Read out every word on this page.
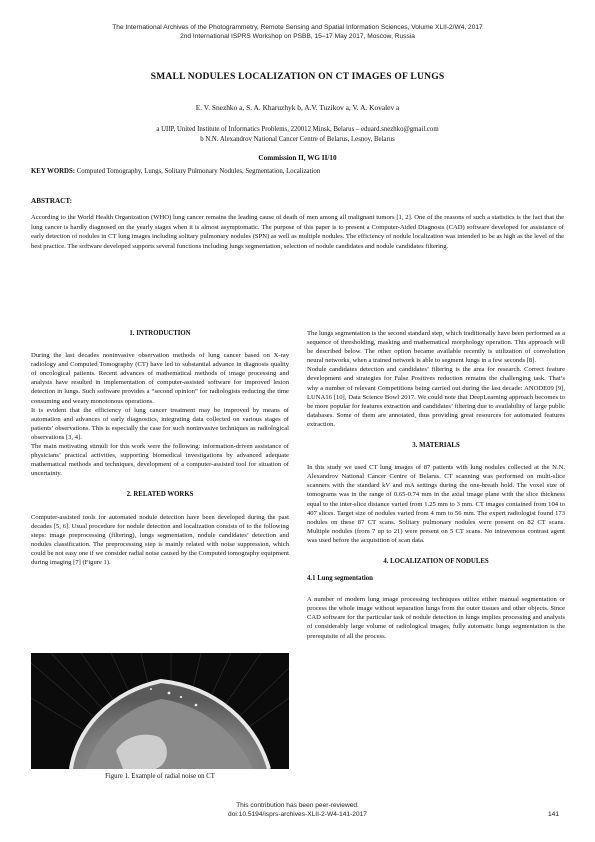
The International Archives of the Photogrammetry, Remote Sensing and Spatial Information Sciences, Volume XLII-2/W4, 2017
2nd International ISPRS Workshop on PSBB, 15–17 May 2017, Moscow, Russia
SMALL NODULES LOCALIZATION ON CT IMAGES OF LUNGS
E. V. Snezhko a, S. A. Kharuzhyk b, A.V. Tuzikov a, V. A. Kovalev a
a UIIP, United Institute of Informatics Problems, 220012 Minsk, Belarus – eduard.snezhko@gmail.com
b N.N. Alexandrov National Cancer Centre of Belarus, Lesnoy, Belarus
Commission II, WG II/10
KEY WORDS: Computed Tomography, Lungs, Solitary Pulmonary Nodules, Segmentation, Localization
ABSTRACT:
According to the World Health Organization (WHO) lung cancer remains the leading cause of death of men among all malignant tumors [1, 2]. One of the reasons of such a statistics is the fact that the lung cancer is hardly diagnosed on the yearly stages when it is almost asymptomatic. The purpose of this paper is to present a Computer-Aided Diagnosis (CAD) software developed for assistance of early detection of nodules in CT lung images including solitary pulmonary nodules (SPN) as well as multiple nodules. The efficiency of nodule localization was intended to be as high as the level of the best practice. The software developed supports several functions including lungs segmentation, selection of nodule candidates and nodule candidates filtering.

1. INTRODUCTION

During the last decades noninvasive observation methods of lung cancer based on X-ray radiology and Computed Tomography (CT) have led to substantial advance in diagnosis quality of oncological patients. Recent advances of mathematical methods of image processing and analysis have resulted in implementation of computer-assisted software for improved lesion detection in lungs. Such software provides a “second opinion” for radiologists reducing the time consuming and weary monotonous operations.

It is evident that the efficiency of lung cancer treatment may be improved by means of automation and advances of early diagnostics, integrating data collected on various stages of patients’ observations. This is especially the case for such noninvasive techniques as radiological observations [3, 4].

The main motivating stimuli for this work were the following: information-driven assistance of physicians’ practical activities, supporting biomedical investigations by advanced adequate mathematical methods and techniques, development of a computer-assisted tool for situation of uncertainty.

2. RELATED WORKS

Computer-assisted tools for automated nodule detection have been developed during the past decades [5, 6]. Usual procedure for nodule detection and localization consists of to the following steps: image preprocessing (filtering), lungs segmentation, nodule candidates’ detection and nodules classification. The preprocessing step is mainly related with noise suppression, which could be not easy one if we consider radial noise caused by the Computed tomography equipment during imaging [7] (Figure 1).

Figure 1. Example of radial noise on CT

The lungs segmentation is the second standard step, which traditionally have been performed as a sequence of thresholding, masking and mathematical morphology operation. This approach will be described below. The other option became available recently is utilization of convolution neural networks, when a trained network is able to segment lungs in a few seconds [8].

Nodule candidates detection and candidates’ filtering is the area for research. Correct feature development and strategies for False Positives reduction remains the challenging task. That’s why a number of relevant Competitions being carried out during the last decade: ANODE09 [9], LUNA16 [10], Data Science Bowl 2017. We could note that DeepLearning approach becomes to be more popular for features extraction and candidates’ filtering due to availability of large public databases. Some of them are annotated, thus providing great resources for automated features extraction.

3. MATERIALS

In this study we used CT lung images of 87 patients with lung nodules collected at the N.N. Alexandrov National Cancer Centre of Belarus. CT scanning was performed on multi-slice scanners with the standard kV and mA settings during the one-breath hold. The voxel size of tomograms was in the range of 0.65-0.74 mm in the axial image plane with the slice thickness equal to the inter-slice distance varied from 1.25 mm to 3 mm. CT images contained from 104 to 407 slices. Target size of nodules varied from 4 mm to 56 mm. The expert radiologist found 173 nodules on these 87 CT scans. Solitary pulmonary nodules were present on 82 CT scans. Multiple nodules (from 7 up to 21) were present on 5 CT scans. No intravenous contrast agent was used before the acquisition of scan data.

4. LOCALIZATION OF NODULES

4.1 Lung segmentation

A number of modern lung image processing techniques utilize either manual segmentation or process the whole image without separation lungs from the outer tissues and other objects. Since CAD software for the particular task of nodule detection in lungs implies processing and analysis of considerably large volume of radiological images, fully automatic lungs segmentation is the prerequisite of all the process.

This contribution has been peer-reviewed.
doi:10.5194/isprs-archives-XLII-2-W4-141-2017	141
